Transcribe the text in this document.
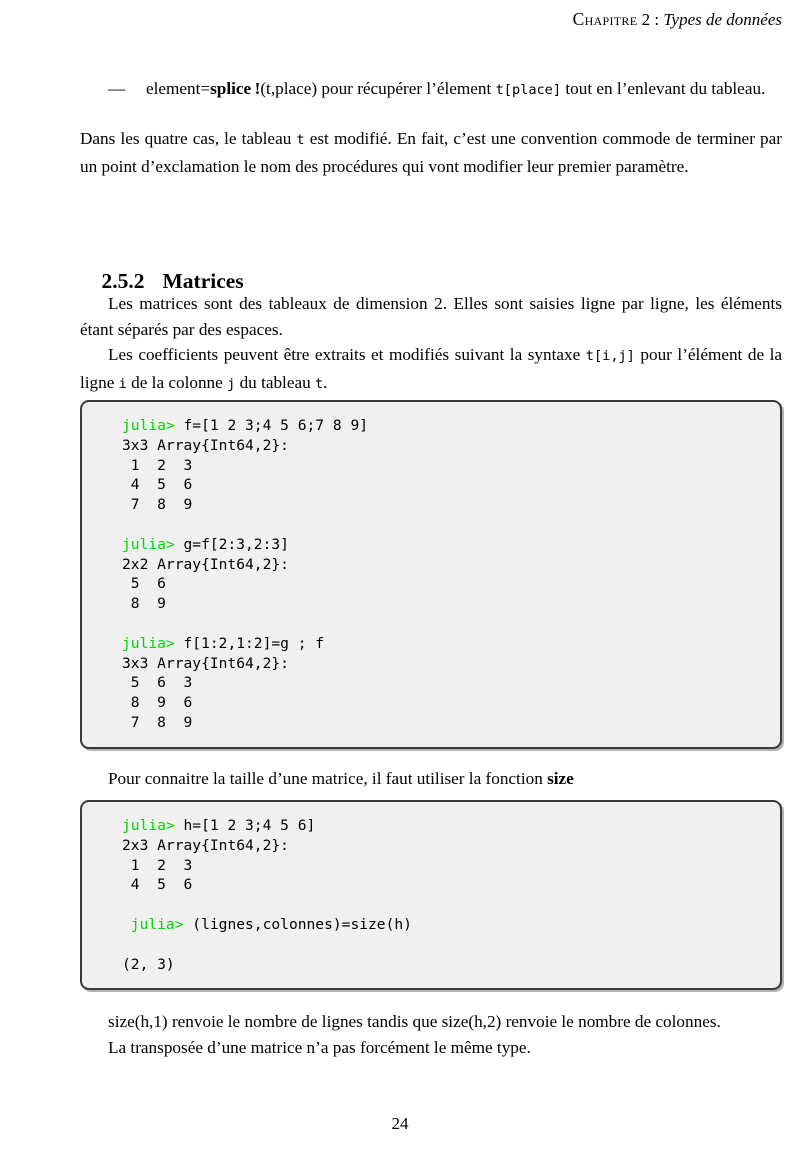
Chapitre 2 : Types de données
— element=splice !(t,place) pour récupérer l’élement t[place] tout en l’enlevant du tableau.

Dans les quatre cas, le tableau t est modifié. En fait, c’est une convention commode de terminer par un point d’exclamation le nom des procédures qui vont modifier leur premier paramètre.

2.5.2 Matrices

Les matrices sont des tableaux de dimension 2. Elles sont saisies ligne par ligne, les éléments étant séparés par des espaces.

Les coefficients peuvent être extraits et modifiés suivant la syntaxe t[i,j] pour l’élément de la ligne i de la colonne j du tableau t.

julia> f=[1 2 3;4 5 6;7 8 9]
3x3 Array{Int64,2}:
1  2  3
4  5  6
7  8  9

julia> g=f[2:3,2:3]
2x2 Array{Int64,2}:
5  6
8  9

julia> f[1:2,1:2]=g ; f
3x3 Array{Int64,2}:
5  6  3
8  9  6
7  8  9

Pour connaitre la taille d’une matrice, il faut utiliser la fonction size

julia> h=[1 2 3;4 5 6]
2x3 Array{Int64,2}:
1  2  3
4  5  6

julia> (lignes,colonnes)=size(h)

(2, 3)

size(h,1) renvoie le nombre de lignes tandis que size(h,2) renvoie le nombre de colonnes.

La transposée d’une matrice n’a pas forcément le même type.

24
